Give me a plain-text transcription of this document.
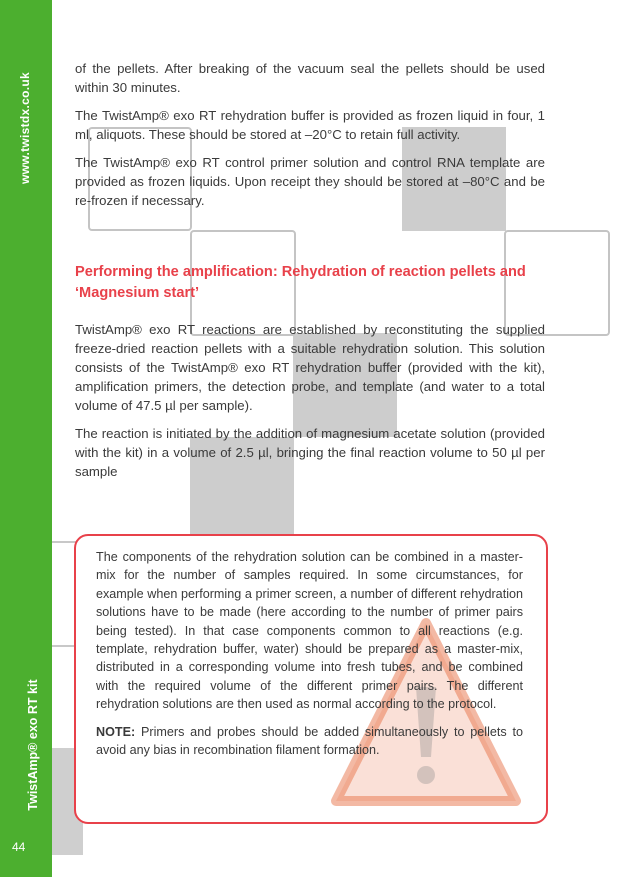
www.twistdx.co.uk
TwistAmp® exo RT kit
44

of the pellets. After breaking of the vacuum seal the pellets should be used within 30 minutes.

The TwistAmp® exo RT rehydration buffer is provided as frozen liquid in four, 1 ml, aliquots. These should be stored at –20°C to retain full activity.

The TwistAmp® exo RT control primer solution and control RNA template are provided as frozen liquids. Upon receipt they should be stored at –80°C and be re-frozen if necessary.

Performing the amplification: Rehydration of reaction pellets and ‘Magnesium start’

TwistAmp® exo RT reactions are established by reconstituting the supplied freeze-dried reaction pellets with a suitable rehydration solution. This solution consists of the TwistAmp® exo RT rehydration buffer (provided with the kit), amplification primers, the detection probe, and template (and water to a total volume of 47.5 µl per sample).

The reaction is initiated by the addition of magnesium acetate solution (provided with the kit) in a volume of 2.5 µl, bringing the final reaction volume to 50 µl per sample

The components of the rehydration solution can be combined in a master-mix for the number of samples required. In some circumstances, for example when performing a primer screen, a number of different rehydration solutions have to be made (here according to the number of primer pairs being tested). In that case components common to all reactions (e.g. template, rehydration buffer, water) should be prepared as a master-mix, distributed in a corresponding volume into fresh tubes, and be combined with the required volume of the different primer pairs. The different rehydration solutions are then used as normal according to the protocol.

NOTE: Primers and probes should be added simultaneously to pellets to avoid any bias in recombination filament formation.
